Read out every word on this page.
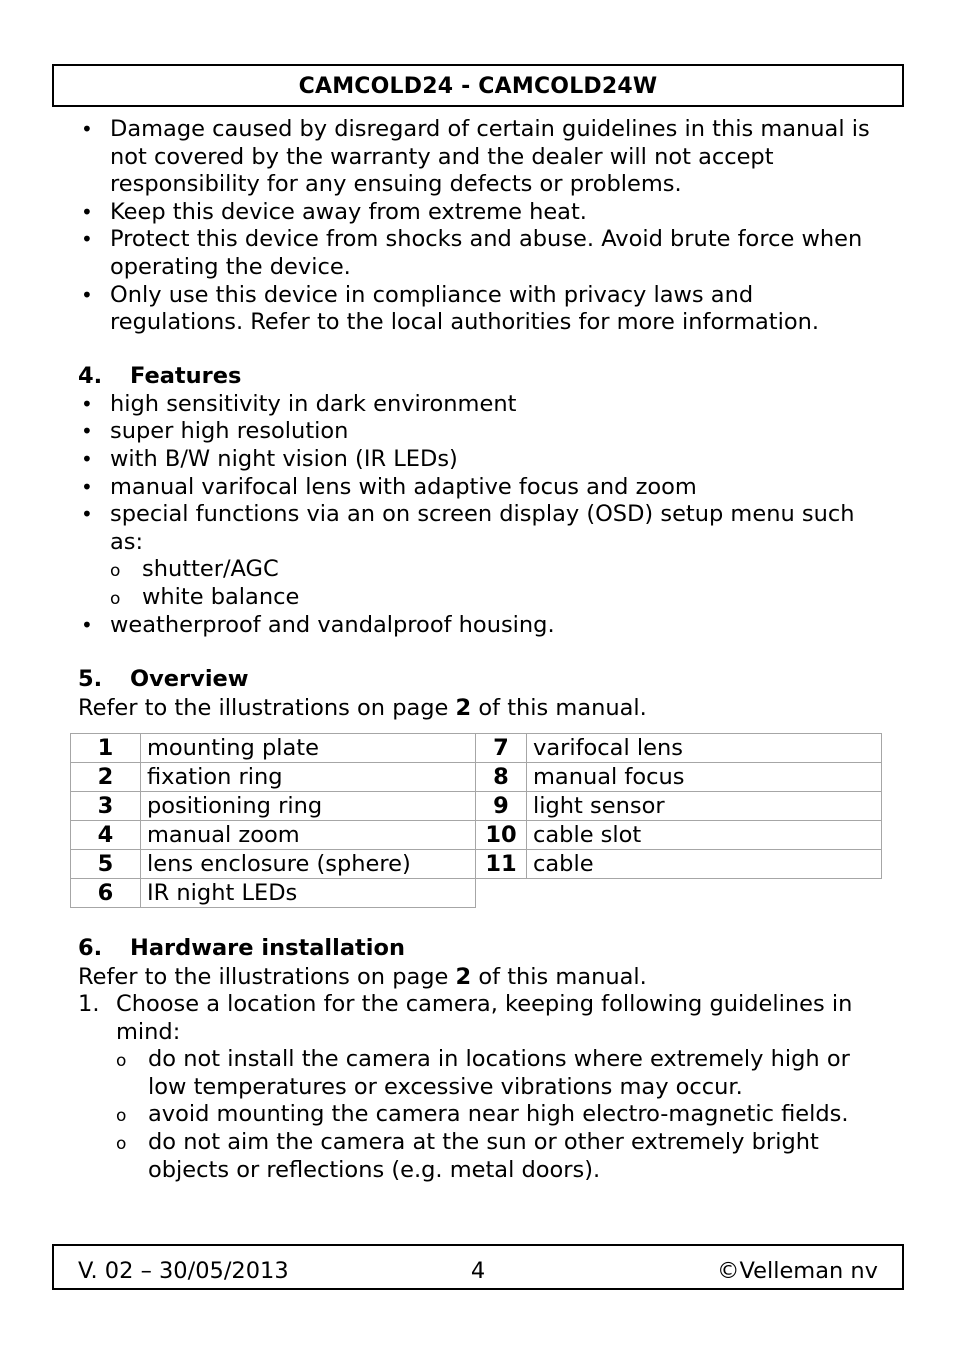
CAMCOLD24 - CAMCOLD24W
• Damage caused by disregard of certain guidelines in this manual is not covered by the warranty and the dealer will not accept responsibility for any ensuing defects or problems.
• Keep this device away from extreme heat.
• Protect this device from shocks and abuse. Avoid brute force when operating the device.
• Only use this device in compliance with privacy laws and regulations. Refer to the local authorities for more information.
4.	Features
• high sensitivity in dark environment
• super high resolution
• with B/W night vision (IR LEDs)
• manual varifocal lens with adaptive focus and zoom
• special functions via an on screen display (OSD) setup menu such as:
o shutter/AGC
o white balance
• weatherproof and vandalproof housing.
5.	Overview

Refer to the illustrations on page 2 of this manual.

1	mounting plate	7	varifocal lens
2	fixation ring	8	manual focus
3	positioning ring	9	light sensor
4	manual zoom	10	cable slot
5	lens enclosure (sphere)	11	cable
6	IR night LEDs		
6.	Hardware installation

Refer to the illustrations on page 2 of this manual.

1. Choose a location for the camera, keeping following guidelines in mind:
o do not install the camera in locations where extremely high or low temperatures or excessive vibrations may occur.
o avoid mounting the camera near high electro-magnetic fields.
o do not aim the camera at the sun or other extremely bright objects or reflections (e.g. metal doors).
V. 02 – 30/05/2013	4	©Velleman nv
